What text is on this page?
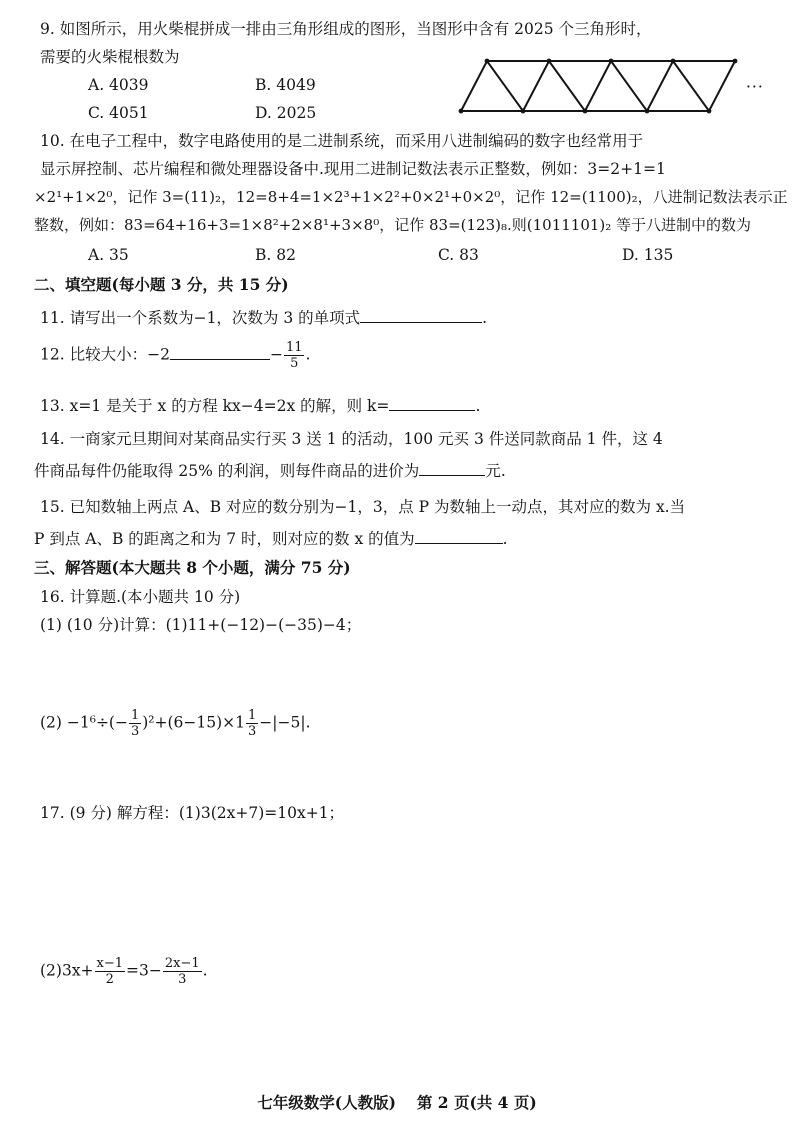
9. 如图所示，用火柴棍拼成一排由三角形组成的图形，当图形中含有 2025 个三角形时，
需要的火柴棍根数为
A. 4039	B. 4049
C. 4051	D. 2025
···
10. 在电子工程中，数字电路使用的是二进制系统，而采用八进制编码的数字也经常用于
显示屏控制、芯片编程和微处理器设备中.现用二进制记数法表示正整数，例如：3=2+1=1
×2¹+1×2⁰，记作 3=(11)₂，12=8+4=1×2³+1×2²+0×2¹+0×2⁰，记作 12=(1100)₂，八进制记数法表示正
整数，例如：83=64+16+3=1×8²+2×8¹+3×8⁰，记作 83=(123)₈.则(1011101)₂ 等于八进制中的数为
A. 35	B. 82	C. 83	D. 135
二、填空题(每小题 3 分，共 15 分)
11. 请写出一个系数为−1，次数为 3 的单项式	.
12. 比较大小：−2	− $\frac{11}{5}$ .
13. x=1 是关于 x 的方程 kx−4=2x 的解，则 k=	.
14. 一商家元旦期间对某商品实行买 3 送 1 的活动，100 元买 3 件送同款商品 1 件，这 4
件商品每件仍能取得 25% 的利润，则每件商品的进价为	元.
15. 已知数轴上两点 A、B 对应的数分别为−1，3，点 P 为数轴上一动点，其对应的数为 x.当
P 到点 A、B 的距离之和为 7 时，则对应的数 x 的值为	.
三、解答题(本大题共 8 个小题，满分 75 分)
16. 计算题.(本小题共 10 分)
(1) (10 分)计算：(1)11+(−12)−(−35)−4；
$(2) -1^6\div(- \frac{1}{3} )^2+(6-15)\times 1 \frac{1}{3} -|-5|$.
17. (9 分) 解方程：(1)3(2x+7)=10x+1；
$(2)3x+ \frac{x-1}{2} =3- \frac{2x-1}{3}$ .
七年级数学(人教版)　 第 2 页(共 4 页)
